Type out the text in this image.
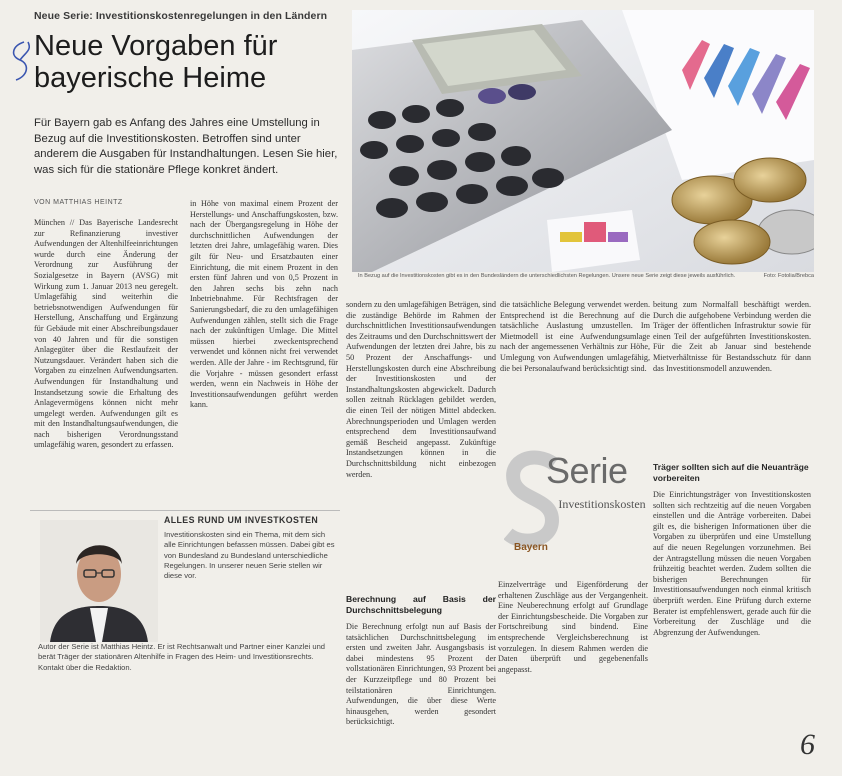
Neue Serie: Investitionskostenregelungen in den Ländern
Neue Vorgaben für
bayerische Heime
Für Bayern gab es Anfang des Jahres eine Umstellung in Bezug auf die Investitionskosten. Betroffen sind unter anderem die Ausgaben für Instandhaltungen. Lesen Sie hier, was sich für die stationäre Pflege konkret ändert.
VON MATTHIAS HEINTZ
In Bezug auf die Investitionskosten gibt es in den Bundesländern die unterschiedlichsten Regelungen. Unsere neue Serie zeigt diese jeweils ausführlich.	Foto: Fotolia/Brebca
München // Das Bayerische Landesrecht zur Refinanzierung investiver Aufwendungen der Altenhilfeeinrichtungen wurde durch eine Änderung der Verordnung zur Ausführung der Sozialgesetze in Bayern (AVSG) mit Wirkung zum 1. Januar 2013 neu geregelt. Umlagefähig sind weiterhin die betriebsnotwendigen Aufwendungen für Herstellung, Anschaffung und Ergänzung für Gebäude mit einer Abschreibungsdauer von 40 Jahren und für die sonstigen Anlagegüter über die Restlaufzeit der Nutzungsdauer. Verändert haben sich die Vorgaben zu einzelnen Aufwendungsarten. Aufwendungen für Instandhaltung und Instandsetzung sowie die Erhaltung des Anlagevermögens können nicht mehr umgelegt werden. Aufwendungen gilt es mit den Instandhaltungsaufwendungen, die nach bisherigen Verordnungsstand umlagefähig waren, gesondert zu erfassen.
in Höhe von maximal einem Prozent der Herstellungs- und Anschaffungskosten, bzw. nach der Übergangsregelung in Höhe der durchschnittlichen Aufwendungen der letzten drei Jahre, umlagefähig waren. Dies gilt für Neu- und Ersatzbauten einer Einrichtung, die mit einem Prozent in den ersten fünf Jahren und von 0,5 Prozent in den Jahren sechs bis zehn nach Inbetriebnahme. Für Rechtsfragen der Sanierungsbedarf, die zu den umlagefähigen Aufwendungen zählen, stellt sich die Frage nach der zukünftigen Umlage. Die Mittel müssen hierbei zweckentsprechend verwendet und können nicht frei verwendet werden. Alle der Jahre - im Rechtsgrund, für die Vorjahre - müssen gesondert erfasst werden, wenn ein Nachweis in Höhe der Investitionsaufwendungen geführt werden kann.
sondern zu den umlagefähigen Beträgen, sind die zuständige Behörde im Rahmen der durchschnittlichen Investitionsaufwendungen des Zeitraums und den Durchschnittswert der Aufwendungen der letzten drei Jahre, bis zu 50 Prozent der Anschaffungs- und Herstellungskosten durch eine Abschreibung der Investitionskosten und der Instandhaltungskosten abgewickelt. Dadurch sollen zeitnah Rücklagen gebildet werden, die einen Teil der nötigen Mittel abdecken. Abrechnungsperioden und Umlagen werden entsprechend dem Investitionsaufwand gemäß Bescheid angepasst. Zukünftige Instandsetzungen können in die Durchschnittsbildung nicht einbezogen werden.
Berechnung auf Basis der Durchschnittsbelegung
Die Berechnung erfolgt nun auf Basis der tatsächlichen Durchschnittsbelegung im ersten und zweiten Jahr. Ausgangsbasis ist dabei mindestens 95 Prozent der vollstationären Einrichtungen, 93 Prozent bei der Kurzzeitpflege und 80 Prozent bei teilstationären Einrichtungen. Aufwendungen, die über diese Werte hinausgehen, werden gesondert berücksichtigt.
die tatsächliche Belegung verwendet werden. Entsprechend ist die Berechnung auf die tatsächliche Auslastung umzustellen. Im Mietmodell ist eine Aufwendungsumlage nach der angemessenen Verhältnis zur Höhe, Umlegung von Aufwendungen umlagefähig, die bei Personalaufwand berücksichtigt sind.
beitung zum Normalfall beschäftigt werden. Durch die aufgehobene Verbindung werden die Träger der öffentlichen Infrastruktur sowie für einen Teil der aufgeführten Investitionskosten. Für die Zeit ab Januar sind bestehende Mietverhältnisse für Bestandsschutz für dann das Investitionsmodell anzuwenden.
Einzelverträge und Eigenförderung der erhaltenen Zuschläge aus der Vergangenheit. Eine Neuberechnung erfolgt auf Grundlage der Einrichtungsbescheide. Die Vorgaben zur Fortschreibung sind bindend. Eine entsprechende Vergleichsberechnung ist vorzulegen. In diesem Rahmen werden die Daten überprüft und gegebenenfalls angepasst.
Träger sollten sich auf die Neuanträge vorbereiten
Die Einrichtungsträger von Investitionskosten sollten sich rechtzeitig auf die neuen Vorgaben einstellen und die Anträge vorbereiten. Dabei gilt es, die bisherigen Informationen über die Vorgaben zu überprüfen und eine Umstellung auf die neuen Regelungen vorzunehmen. Bei der Antragstellung müssen die neuen Vorgaben frühzeitig beachtet werden. Zudem sollten die bisherigen Berechnungen für Investitionsaufwendungen noch einmal kritisch überprüft werden. Eine Prüfung durch externe Berater ist empfehlenswert, gerade auch für die Vorbereitung der Zuschläge und die Abgrenzung der Aufwendungen.
Serie
Investitionskosten
Bayern
ALLES RUND UM INVESTKOSTEN
Investitionskosten sind ein Thema, mit dem sich alle Einrichtungen befassen müssen. Dabei gibt es von Bundesland zu Bundesland unterschiedliche Regelungen. In unserer neuen Serie stellen wir diese vor.
Autor der Serie ist Matthias Heintz. Er ist Rechtsanwalt und Partner einer Kanzlei und berät Träger der stationären Altenhilfe in Fragen des Heim- und Investitionsrechts. Kontakt über die Redaktion.
6
